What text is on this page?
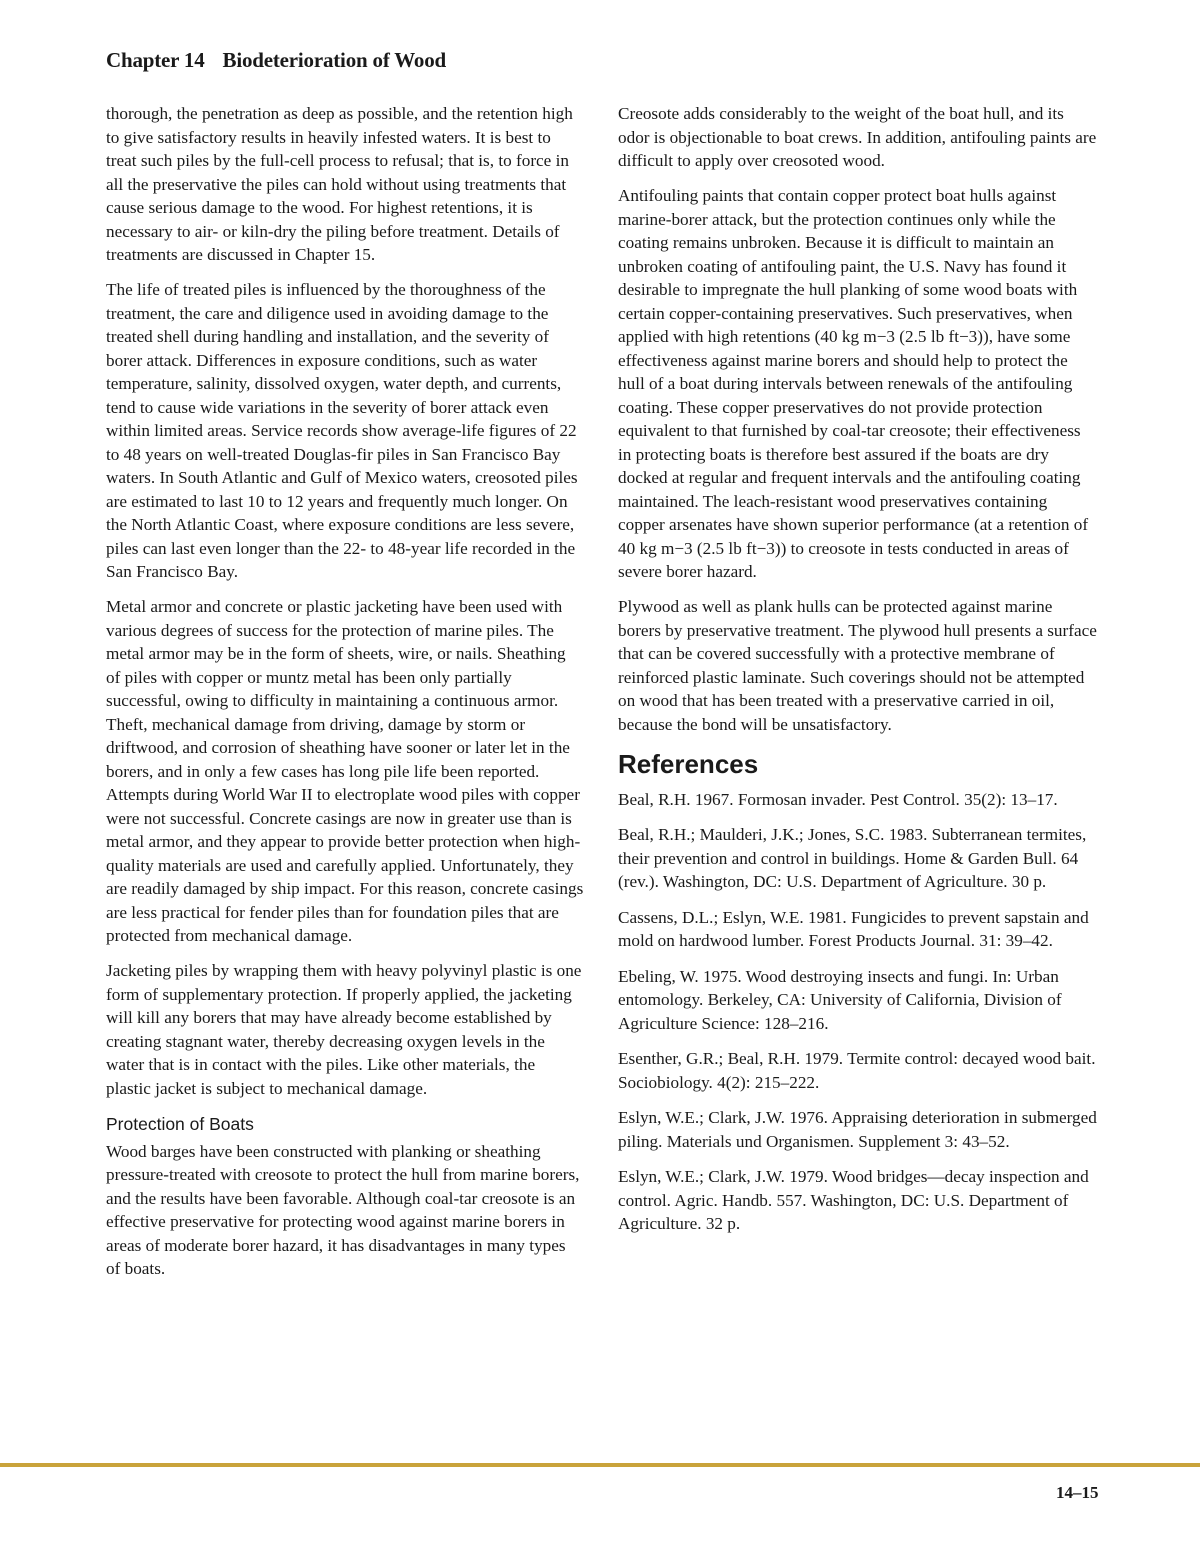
Chapter 14 Biodeterioration of Wood

thorough, the penetration as deep as possible, and the retention high to give satisfactory results in heavily infested waters. It is best to treat such piles by the full-cell process to refusal; that is, to force in all the preservative the piles can hold without using treatments that cause serious damage to the wood. For highest retentions, it is necessary to air- or kiln-dry the piling before treatment. Details of treatments are discussed in Chapter 15.

The life of treated piles is influenced by the thoroughness of the treatment, the care and diligence used in avoiding damage to the treated shell during handling and installation, and the severity of borer attack. Differences in exposure conditions, such as water temperature, salinity, dissolved oxygen, water depth, and currents, tend to cause wide variations in the severity of borer attack even within limited areas. Service records show average-life figures of 22 to 48 years on well-treated Douglas-fir piles in San Francisco Bay waters. In South Atlantic and Gulf of Mexico waters, creosoted piles are estimated to last 10 to 12 years and frequently much longer. On the North Atlantic Coast, where exposure conditions are less severe, piles can last even longer than the 22- to 48-year life recorded in the San Francisco Bay.

Metal armor and concrete or plastic jacketing have been used with various degrees of success for the protection of marine piles. The metal armor may be in the form of sheets, wire, or nails. Sheathing of piles with copper or muntz metal has been only partially successful, owing to difficulty in maintaining a continuous armor. Theft, mechanical damage from driving, damage by storm or driftwood, and corrosion of sheathing have sooner or later let in the borers, and in only a few cases has long pile life been reported. Attempts during World War II to electroplate wood piles with copper were not successful. Concrete casings are now in greater use than is metal armor, and they appear to provide better protection when high-quality materials are used and carefully applied. Unfortunately, they are readily damaged by ship impact. For this reason, concrete casings are less practical for fender piles than for foundation piles that are protected from mechanical damage.

Jacketing piles by wrapping them with heavy polyvinyl plastic is one form of supplementary protection. If properly applied, the jacketing will kill any borers that may have already become established by creating stagnant water, thereby decreasing oxygen levels in the water that is in contact with the piles. Like other materials, the plastic jacket is subject to mechanical damage.

Protection of Boats

Wood barges have been constructed with planking or sheathing pressure-treated with creosote to protect the hull from marine borers, and the results have been favorable. Although coal-tar creosote is an effective preservative for protecting wood against marine borers in areas of moderate borer hazard, it has disadvantages in many types of boats.

Creosote adds considerably to the weight of the boat hull, and its odor is objectionable to boat crews. In addition, antifouling paints are difficult to apply over creosoted wood.

Antifouling paints that contain copper protect boat hulls against marine-borer attack, but the protection continues only while the coating remains unbroken. Because it is difficult to maintain an unbroken coating of antifouling paint, the U.S. Navy has found it desirable to impregnate the hull planking of some wood boats with certain copper-containing preservatives. Such preservatives, when applied with high retentions (40 kg m−3 (2.5 lb ft−3)), have some effectiveness against marine borers and should help to protect the hull of a boat during intervals between renewals of the antifouling coating. These copper preservatives do not provide protection equivalent to that furnished by coal-tar creosote; their effectiveness in protecting boats is therefore best assured if the boats are dry docked at regular and frequent intervals and the antifouling coating maintained. The leach-resistant wood preservatives containing copper arsenates have shown superior performance (at a retention of 40 kg m−3 (2.5 lb ft−3)) to creosote in tests conducted in areas of severe borer hazard.

Plywood as well as plank hulls can be protected against marine borers by preservative treatment. The plywood hull presents a surface that can be covered successfully with a protective membrane of reinforced plastic laminate. Such coverings should not be attempted on wood that has been treated with a preservative carried in oil, because the bond will be unsatisfactory.

References

Beal, R.H. 1967. Formosan invader. Pest Control. 35(2): 13–17.

Beal, R.H.; Maulderi, J.K.; Jones, S.C. 1983. Subterranean termites, their prevention and control in buildings. Home & Garden Bull. 64 (rev.). Washington, DC: U.S. Department of Agriculture. 30 p.

Cassens, D.L.; Eslyn, W.E. 1981. Fungicides to prevent sapstain and mold on hardwood lumber. Forest Products Journal. 31: 39–42.

Ebeling, W. 1975. Wood destroying insects and fungi. In: Urban entomology. Berkeley, CA: University of California, Division of Agriculture Science: 128–216.

Esenther, G.R.; Beal, R.H. 1979. Termite control: decayed wood bait. Sociobiology. 4(2): 215–222.

Eslyn, W.E.; Clark, J.W. 1976. Appraising deterioration in submerged piling. Materials und Organismen. Supplement 3: 43–52.

Eslyn, W.E.; Clark, J.W. 1979. Wood bridges—decay inspection and control. Agric. Handb. 557. Washington, DC: U.S. Department of Agriculture. 32 p.

14–15
